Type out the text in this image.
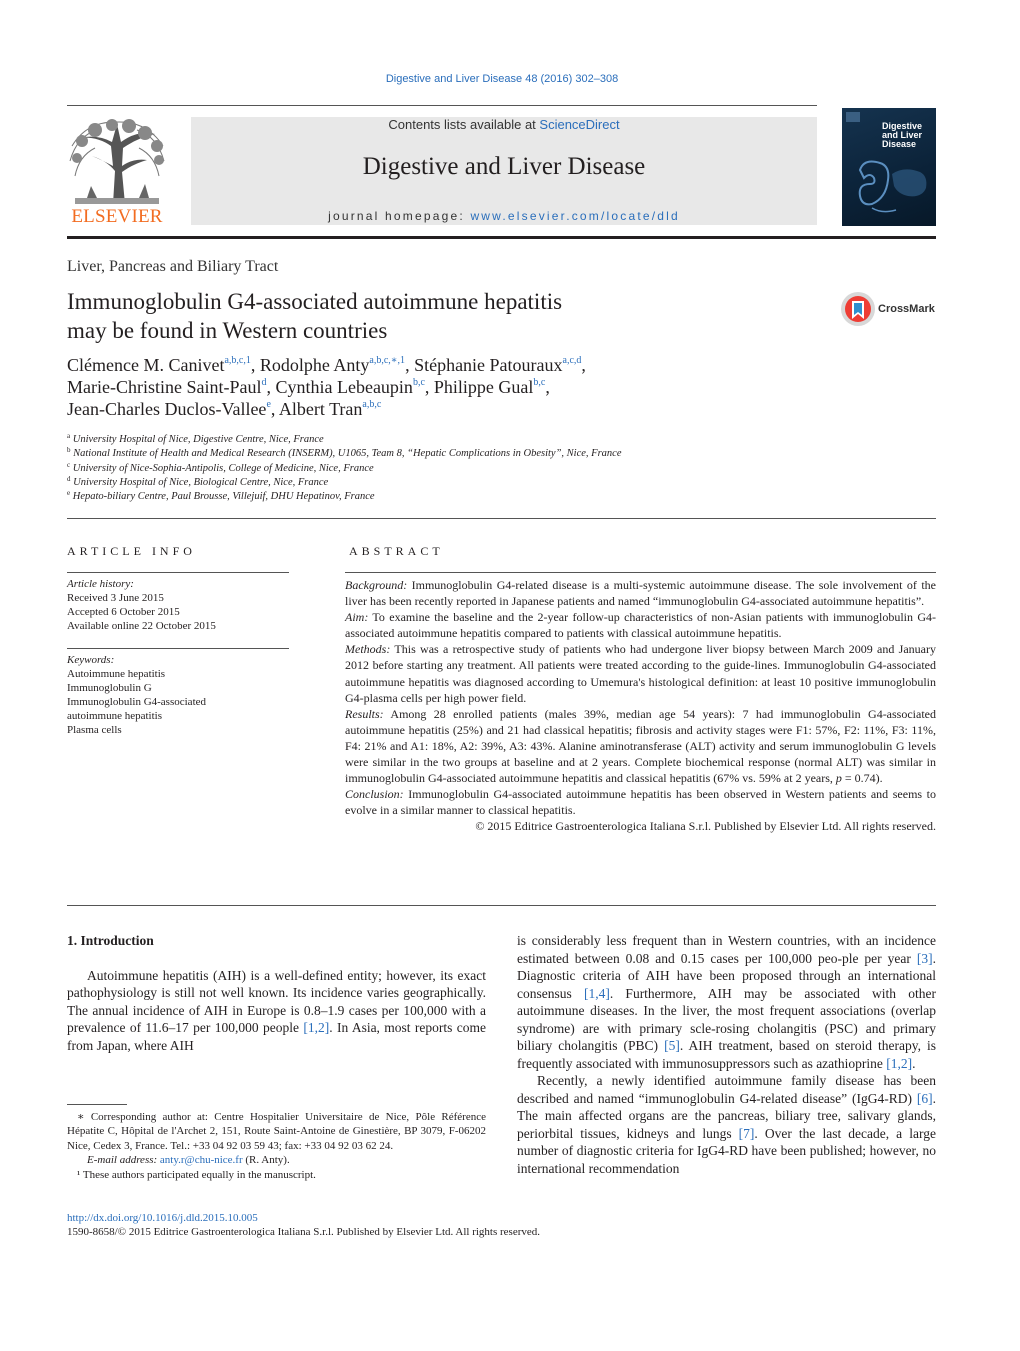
Digestive and Liver Disease 48 (2016) 302–308
ELSEVIER
Contents lists available at ScienceDirect
Digestive and Liver Disease
journal homepage: www.elsevier.com/locate/dld
Digestive and Liver Disease
Liver, Pancreas and Biliary Tract
Immunoglobulin G4-associated autoimmune hepatitis
may be found in Western countries
CrossMark
Clémence M. Canivet$^{a,b,c,1}$, Rodolphe Anty$^{a,b,c,∗,1}$, Stéphanie Patouraux$^{a,c,d}$,
Marie-Christine Saint-Paul$^d$, Cynthia Lebeaupin$^{b,c}$, Philippe Gual$^{b,c}$,
Jean-Charles Duclos-Vallee$^e$, Albert Tran$^{a,b,c}$
$^a$ University Hospital of Nice, Digestive Centre, Nice, France
$^b$ National Institute of Health and Medical Research (INSERM), U1065, Team 8, “Hepatic Complications in Obesity”, Nice, France
$^c$ University of Nice-Sophia-Antipolis, College of Medicine, Nice, France
$^d$ University Hospital of Nice, Biological Centre, Nice, France
$^e$ Hepato-biliary Centre, Paul Brousse, Villejuif, DHU Hepatinov, France
ARTICLE INFO
Article history:
Received 3 June 2015
Accepted 6 October 2015
Available online 22 October 2015
Keywords:
Autoimmune hepatitis
Immunoglobulin G
Immunoglobulin G4-associated
autoimmune hepatitis
Plasma cells
ABSTRACT

Background: Immunoglobulin G4-related disease is a multi-systemic autoimmune disease. The sole involvement of the liver has been recently reported in Japanese patients and named “immunoglobulin G4-associated autoimmune hepatitis”.

Aim: To examine the baseline and the 2-year follow-up characteristics of non-Asian patients with immunoglobulin G4-associated autoimmune hepatitis compared to patients with classical autoimmune hepatitis.

Methods: This was a retrospective study of patients who had undergone liver biopsy between March 2009 and January 2012 before starting any treatment. All patients were treated according to the guide-lines. Immunoglobulin G4-associated autoimmune hepatitis was diagnosed according to Umemura's histological definition: at least 10 positive immunoglobulin G4-plasma cells per high power field.

Results: Among 28 enrolled patients (males 39%, median age 54 years): 7 had immunoglobulin G4-associated autoimmune hepatitis (25%) and 21 had classical hepatitis; fibrosis and activity stages were F1: 57%, F2: 11%, F3: 11%, F4: 21% and A1: 18%, A2: 39%, A3: 43%. Alanine aminotransferase (ALT) activity and serum immunoglobulin G levels were similar in the two groups at baseline and at 2 years. Complete biochemical response (normal ALT) was similar in immunoglobulin G4-associated autoimmune hepatitis and classical hepatitis (67% vs. 59% at 2 years, p = 0.74).

Conclusion: Immunoglobulin G4-associated autoimmune hepatitis has been observed in Western patients and seems to evolve in a similar manner to classical hepatitis.

© 2015 Editrice Gastroenterologica Italiana S.r.l. Published by Elsevier Ltd. All rights reserved.

1. Introduction

Autoimmune hepatitis (AIH) is a well-defined entity; however, its exact pathophysiology is still not well known. Its incidence varies geographically. The annual incidence of AIH in Europe is 0.8–1.9 cases per 100,000 with a prevalence of 11.6–17 per 100,000 people [1,2]. In Asia, most reports come from Japan, where AIH

is considerably less frequent than in Western countries, with an incidence estimated between 0.08 and 0.15 cases per 100,000 peo-ple per year [3]. Diagnostic criteria of AIH have been proposed through an international consensus [1,4]. Furthermore, AIH may be associated with other autoimmune diseases. In the liver, the most frequent associations (overlap syndrome) are with primary scle-rosing cholangitis (PSC) and primary biliary cholangitis (PBC) [5]. AIH treatment, based on steroid therapy, is frequently associated with immunosuppressors such as azathioprine [1,2].

Recently, a newly identified autoimmune family disease has been described and named “immunoglobulin G4-related disease” (IgG4-RD) [6]. The main affected organs are the pancreas, biliary tree, salivary glands, periorbital tissues, kidneys and lungs [7]. Over the last decade, a large number of diagnostic criteria for IgG4-RD have been published; however, no international recommendation

∗ Corresponding author at: Centre Hospitalier Universitaire de Nice, Pôle Référence Hépatite C, Hôpital de l'Archet 2, 151, Route Saint-Antoine de Ginestière, BP 3079, F-06202 Nice, Cedex 3, France. Tel.: +33 04 92 03 59 43; fax: +33 04 92 03 62 24.

E-mail address: anty.r@chu-nice.fr (R. Anty).

¹ These authors participated equally in the manuscript.

http://dx.doi.org/10.1016/j.dld.2015.10.005
1590-8658/© 2015 Editrice Gastroenterologica Italiana S.r.l. Published by Elsevier Ltd. All rights reserved.
